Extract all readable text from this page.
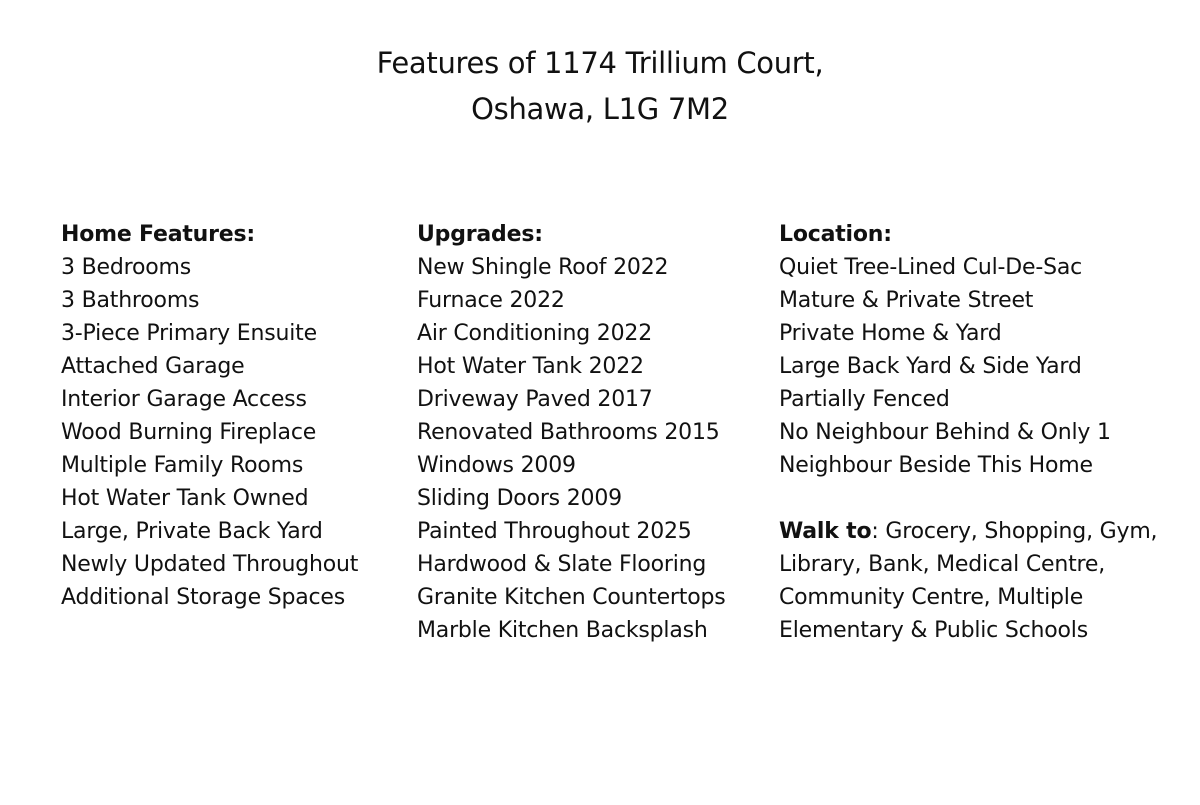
Features of 1174 Trillium Court,
Oshawa, L1G 7M2
Home Features:
3 Bedrooms
3 Bathrooms
3-Piece Primary Ensuite
Attached Garage
Interior Garage Access
Wood Burning Fireplace
Multiple Family Rooms
Hot Water Tank Owned
Large, Private Back Yard
Newly Updated Throughout
Additional Storage Spaces
Upgrades:
New Shingle Roof 2022
Furnace 2022
Air Conditioning 2022
Hot Water Tank 2022
Driveway Paved 2017
Renovated Bathrooms 2015
Windows 2009
Sliding Doors 2009
Painted Throughout 2025
Hardwood & Slate Flooring
Granite Kitchen Countertops
Marble Kitchen Backsplash
Location:
Quiet Tree-Lined Cul-De-Sac
Mature & Private Street
Private Home & Yard
Large Back Yard & Side Yard
Partially Fenced
No Neighbour Behind & Only 1
Neighbour Beside This Home
Walk to: Grocery, Shopping, Gym,
Library, Bank, Medical Centre,
Community Centre, Multiple
Elementary & Public Schools
